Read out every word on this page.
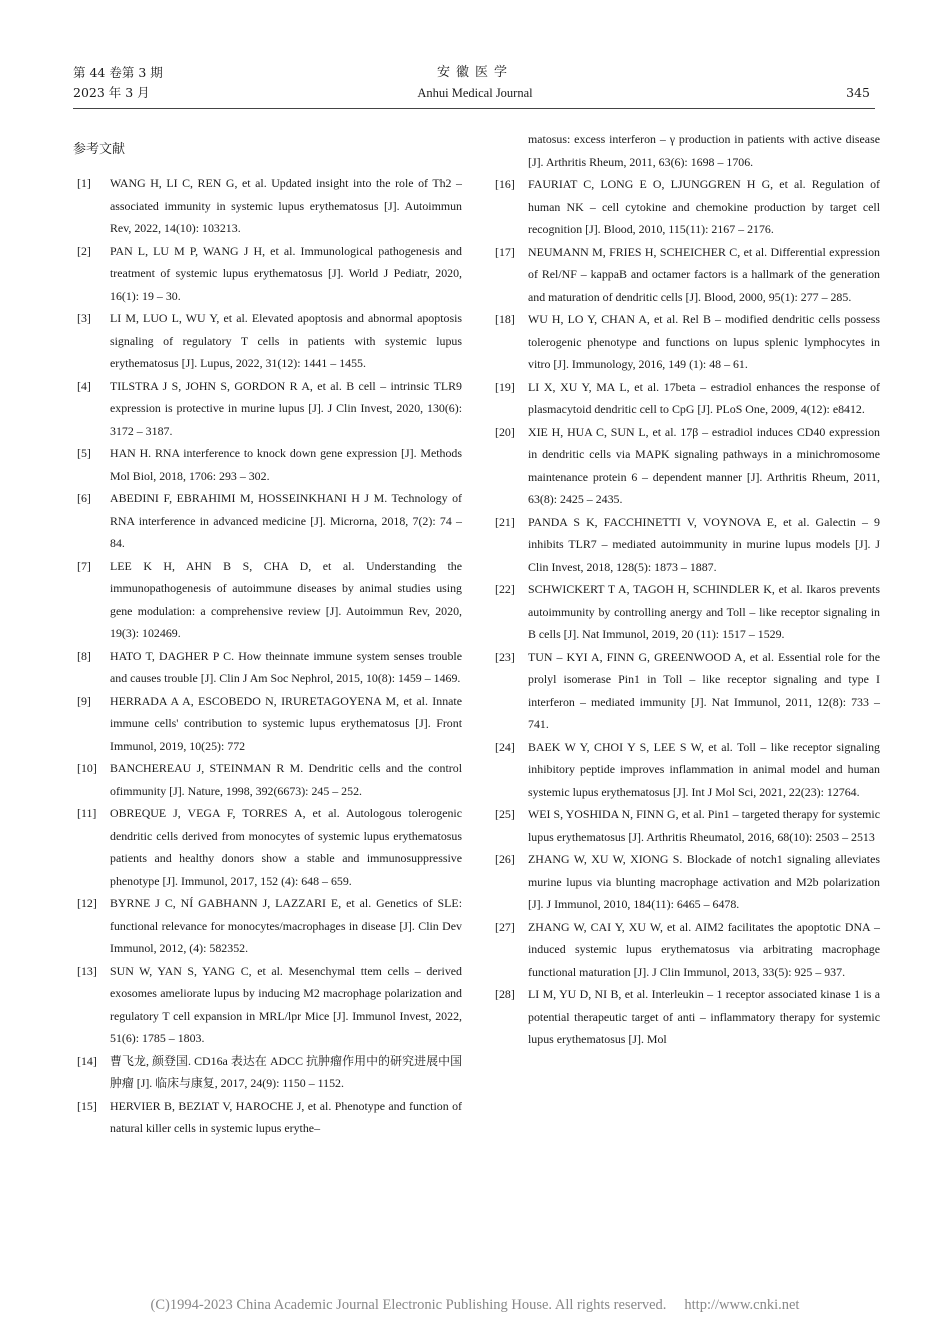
第 44 卷第 3 期
2023 年 3 月
安徽医学
Anhui Medical Journal	345
参考文献
[1] WANG H, LI C, REN G, et al. Updated insight into the role of Th2 – associated immunity in systemic lupus erythematosus [J]. Autoimmun Rev, 2022, 14(10): 103213.
[2] PAN L, LU M P, WANG J H, et al. Immunological pathogenesis and treatment of systemic lupus erythematosus [J]. World J Pediatr, 2020, 16(1): 19 – 30.
[3] LI M, LUO L, WU Y, et al. Elevated apoptosis and abnormal apoptosis signaling of regulatory T cells in patients with systemic lupus erythematosus [J]. Lupus, 2022, 31(12): 1441 – 1455.
[4] TILSTRA J S, JOHN S, GORDON R A, et al. B cell – intrinsic TLR9 expression is protective in murine lupus [J]. J Clin Invest, 2020, 130(6): 3172 – 3187.
[5] HAN H. RNA interference to knock down gene expression [J]. Methods Mol Biol, 2018, 1706: 293 – 302.
[6] ABEDINI F, EBRAHIMI M, HOSSEINKHANI H J M. Technology of RNA interference in advanced medicine [J]. Microrna, 2018, 7(2): 74 – 84.
[7] LEE K H, AHN B S, CHA D, et al. Understanding the immunopathogenesis of autoimmune diseases by animal studies using gene modulation: a comprehensive review [J]. Autoimmun Rev, 2020, 19(3): 102469.
[8] HATO T, DAGHER P C. How theinnate immune system senses trouble and causes trouble [J]. Clin J Am Soc Nephrol, 2015, 10(8): 1459 – 1469.
[9] HERRADA A A, ESCOBEDO N, IRURETAGOYENA M, et al. Innate immune cells' contribution to systemic lupus erythematosus [J]. Front Immunol, 2019, 10(25): 772
[10] BANCHEREAU J, STEINMAN R M. Dendritic cells and the control ofimmunity [J]. Nature, 1998, 392(6673): 245 – 252.
[11] OBREQUE J, VEGA F, TORRES A, et al. Autologous tolerogenic dendritic cells derived from monocytes of systemic lupus erythematosus patients and healthy donors show a stable and immunosuppressive phenotype [J]. Immunol, 2017, 152 (4): 648 – 659.
[12] BYRNE J C, NÍ GABHANN J, LAZZARI E, et al. Genetics of SLE: functional relevance for monocytes/macrophages in disease [J]. Clin Dev Immunol, 2012, (4): 582352.
[13] SUN W, YAN S, YANG C, et al. Mesenchymal ttem cells – derived exosomes ameliorate lupus by inducing M2 macrophage polarization and regulatory T cell expansion in MRL/lpr Mice [J]. Immunol Invest, 2022, 51(6): 1785 – 1803.
[14] 曹飞龙, 颜登国. CD16a 表达在 ADCC 抗肿瘤作用中的研究进展中国肿瘤 [J]. 临床与康复, 2017, 24(9): 1150 – 1152.
[15] HERVIER B, BEZIAT V, HAROCHE J, et al. Phenotype and function of natural killer cells in systemic lupus erythe–
matosus: excess interferon – γ production in patients with active disease [J]. Arthritis Rheum, 2011, 63(6): 1698 – 1706.
[16] FAURIAT C, LONG E O, LJUNGGREN H G, et al. Regulation of human NK – cell cytokine and chemokine production by target cell recognition [J]. Blood, 2010, 115(11): 2167 – 2176.
[17] NEUMANN M, FRIES H, SCHEICHER C, et al. Differential expression of Rel/NF – kappaB and octamer factors is a hallmark of the generation and maturation of dendritic cells [J]. Blood, 2000, 95(1): 277 – 285.
[18] WU H, LO Y, CHAN A, et al. Rel B – modified dendritic cells possess tolerogenic phenotype and functions on lupus splenic lymphocytes in vitro [J]. Immunology, 2016, 149 (1): 48 – 61.
[19] LI X, XU Y, MA L, et al. 17beta – estradiol enhances the response of plasmacytoid dendritic cell to CpG [J]. PLoS One, 2009, 4(12): e8412.
[20] XIE H, HUA C, SUN L, et al. 17β – estradiol induces CD40 expression in dendritic cells via MAPK signaling pathways in a minichromosome maintenance protein 6 – dependent manner [J]. Arthritis Rheum, 2011, 63(8): 2425 – 2435.
[21] PANDA S K, FACCHINETTI V, VOYNOVA E, et al. Galectin – 9 inhibits TLR7 – mediated autoimmunity in murine lupus models [J]. J Clin Invest, 2018, 128(5): 1873 – 1887.
[22] SCHWICKERT T A, TAGOH H, SCHINDLER K, et al. Ikaros prevents autoimmunity by controlling anergy and Toll – like receptor signaling in B cells [J]. Nat Immunol, 2019, 20 (11): 1517 – 1529.
[23] TUN – KYI A, FINN G, GREENWOOD A, et al. Essential role for the prolyl isomerase Pin1 in Toll – like receptor signaling and type I interferon – mediated immunity [J]. Nat Immunol, 2011, 12(8): 733 – 741.
[24] BAEK W Y, CHOI Y S, LEE S W, et al. Toll – like receptor signaling inhibitory peptide improves inflammation in animal model and human systemic lupus erythematosus [J]. Int J Mol Sci, 2021, 22(23): 12764.
[25] WEI S, YOSHIDA N, FINN G, et al. Pin1 – targeted therapy for systemic lupus erythematosus [J]. Arthritis Rheumatol, 2016, 68(10): 2503 – 2513
[26] ZHANG W, XU W, XIONG S. Blockade of notch1 signaling alleviates murine lupus via blunting macrophage activation and M2b polarization [J]. J Immunol, 2010, 184(11): 6465 – 6478.
[27] ZHANG W, CAI Y, XU W, et al. AIM2 facilitates the apoptotic DNA – induced systemic lupus erythematosus via arbitrating macrophage functional maturation [J]. J Clin Immunol, 2013, 33(5): 925 – 937.
[28] LI M, YU D, NI B, et al. Interleukin – 1 receptor associated kinase 1 is a potential therapeutic target of anti – inflammatory therapy for systemic lupus erythematosus [J]. Mol
(C)1994-2023 China Academic Journal Electronic Publishing House. All rights reserved. http://www.cnki.net
